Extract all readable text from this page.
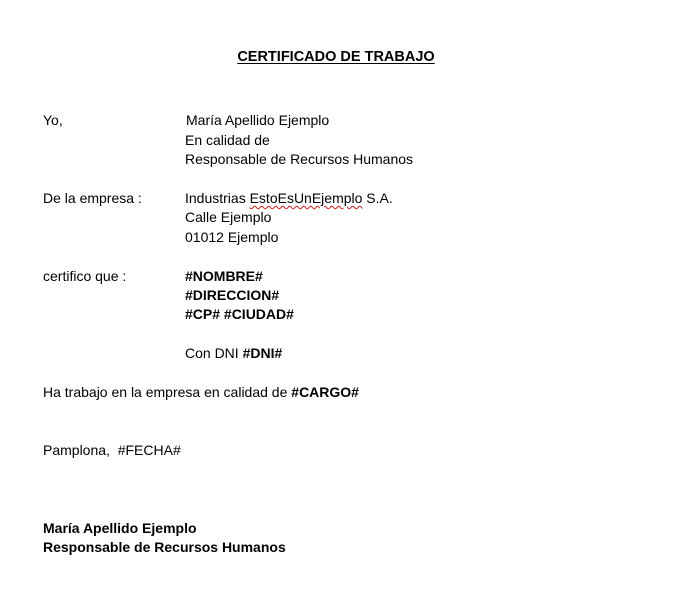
CERTIFICADO DE TRABAJO
Yo,	María Apellido Ejemplo
En calidad de
Responsable de Recursos Humanos
De la empresa :	Industrias EstoEsUnEjemplo S.A.
Calle Ejemplo
01012 Ejemplo
certifico que :	#NOMBRE#
#DIRECCION#
#CP# #CIUDAD#
Con DNI #DNI#
Ha trabajo en la empresa en calidad de #CARGO#
Pamplona, #FECHA#
María Apellido Ejemplo
Responsable de Recursos Humanos
